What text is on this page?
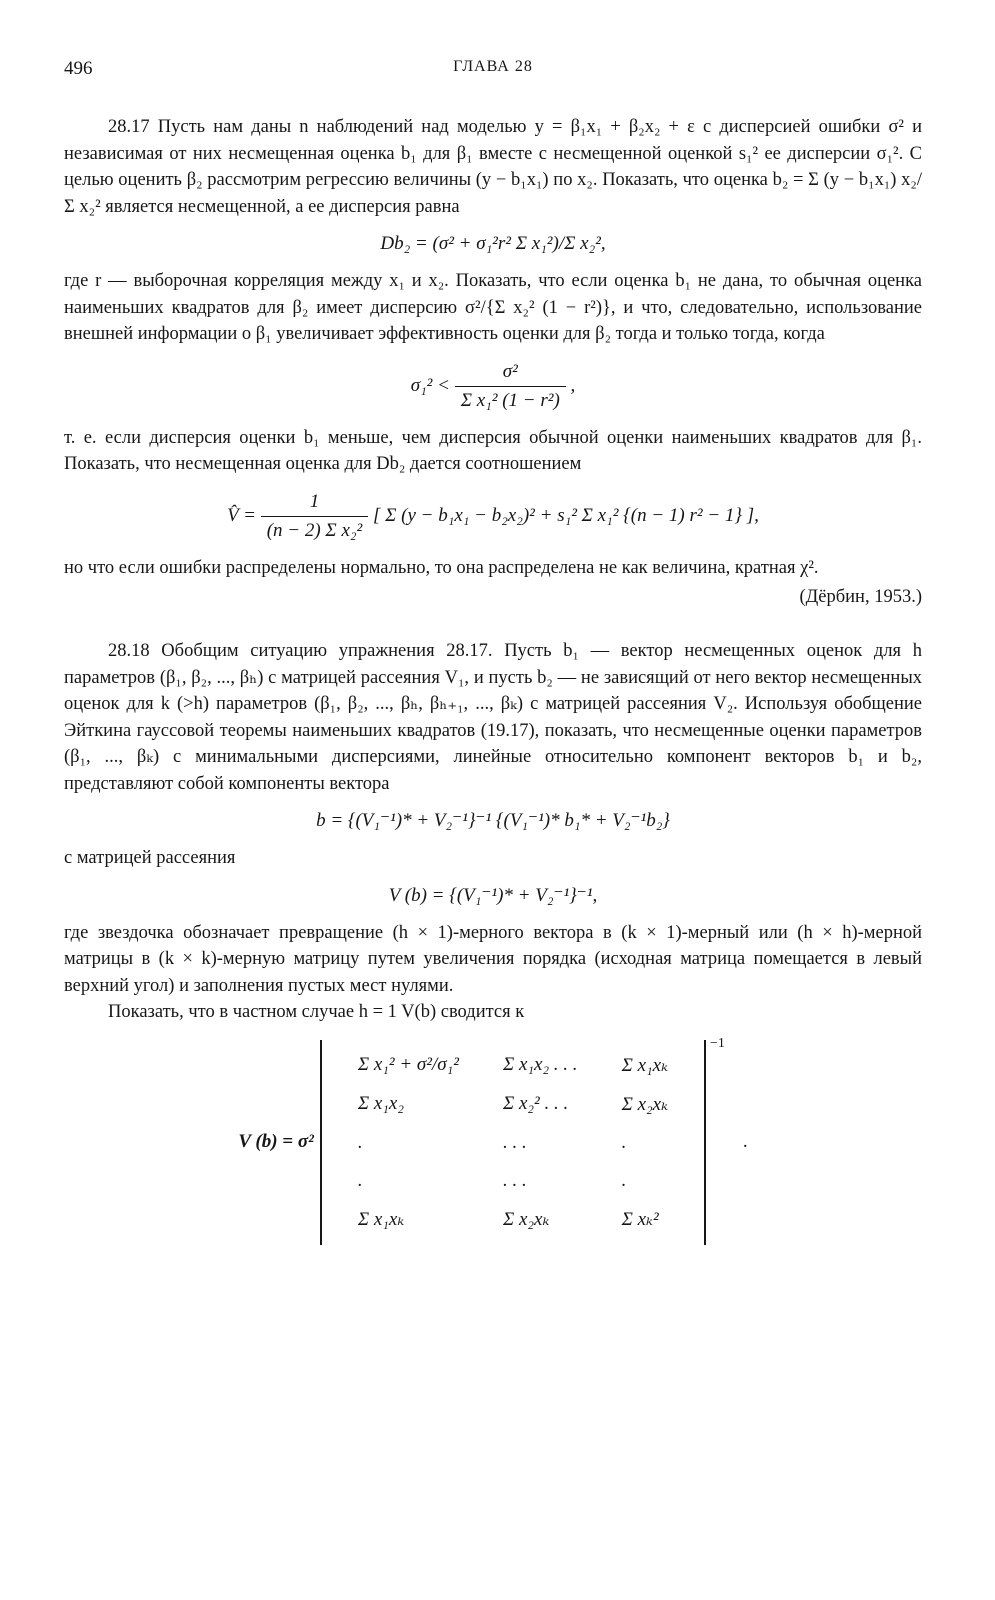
496	ГЛАВА 28

28.17 Пусть нам даны n наблюдений над моделью y = β₁x₁ + β₂x₂ + ε с дисперсией ошибки σ² и независимая от них несмещенная оценка b₁ для β₁ вместе с несмещенной оценкой s₁² ее дисперсии σ₁². С целью оценить β₂ рассмотрим регрессию величины (y − b₁x₁) по x₂. Показать, что оценка b₂ = Σ (y − b₁x₁) x₂/Σ x₂² является несмещенной, а ее дисперсия равна

Db₂ = (σ² + σ₁²r² Σ x₁²)/Σ x₂²,

где r — выборочная корреляция между x₁ и x₂. Показать, что если оценка b₁ не дана, то обычная оценка наименьших квадратов для β₂ имеет дисперсию σ²/{Σ x₂² (1 − r²)}, и что, следовательно, использование внешней информации о β₁ увеличивает эффективность оценки для β₂ тогда и только тогда, когда

$\sigma_1^2 < \frac{\text{σ²}}{\text{Σ x₁² (1 − r²)}}$ ,

т. е. если дисперсия оценки b₁ меньше, чем дисперсия обычной оценки наименьших квадратов для β₁. Показать, что несмещенная оценка для Db₂ дается соотношением

V̂ = $\frac{1}{\text{(n − 2) Σ x₂²}}$ [ Σ (y − b₁x₁ − b₂x₂)² + s₁² Σ x₁² {(n − 1) r² − 1} ],

но что если ошибки распределены нормально, то она распределена не как величина, кратная χ².

(Дёрбин, 1953.)

28.18 Обобщим ситуацию упражнения 28.17. Пусть b₁ — вектор несмещенных оценок для h параметров (β₁, β₂, ..., βₕ) с матрицей рассеяния V₁, и пусть b₂ — не зависящий от него вектор несмещенных оценок для k (>h) параметров (β₁, β₂, ..., βₕ, βₕ₊₁, ..., βₖ) с матрицей рассеяния V₂. Используя обобщение Эйткина гауссовой теоремы наименьших квадратов (19.17), показать, что несмещенные оценки параметров (β₁, ..., βₖ) с минимальными дисперсиями, линейные относительно компонент векторов b₁ и b₂, представляют собой компоненты вектора

b = {(V₁⁻¹)* + V₂⁻¹}⁻¹ {(V₁⁻¹)* b₁* + V₂⁻¹b₂}

с матрицей рассеяния

V (b) = {(V₁⁻¹)* + V₂⁻¹}⁻¹,

где звездочка обозначает превращение (h × 1)-мерного вектора в (k × 1)-мерный или (h × h)-мерной матрицы в (k × k)-мерную матрицу путем увеличения порядка (исходная матрица помещается в левый верхний угол) и заполнения пустых мест нулями.

Показать, что в частном случае h = 1 V(b) сводится к

V (b) = σ²
Σ x₁² + σ²/σ₁²	Σ x₁x₂ . . .	Σ x₁xₖ
Σ x₁x₂	Σ x₂² . . .	Σ x₂xₖ
.	. . .	.
.	. . .	.
Σ x₁xₖ	Σ x₂xₖ	Σ xₖ²
−1
.
